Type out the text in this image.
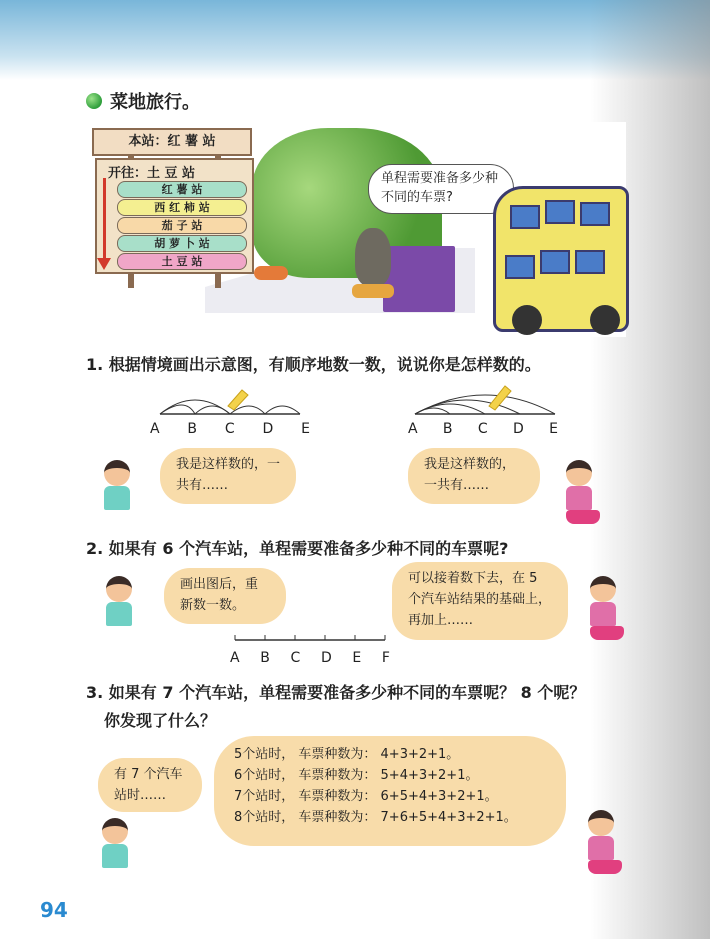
菜地旅行。
本站：红 薯 站
开往：土 豆 站
红 薯 站
西 红 柿 站
茄 子 站
胡 萝 卜 站
土 豆 站
单程需要准备多少种不同的车票?
1. 根据情境画出示意图，有顺序地数一数，说说你是怎样数的。
A B C D E	A B C D E
我是这样数的，一共有……
我是这样数的，一共有……
2. 如果有 6 个汽车站，单程需要准备多少种不同的车票呢?
画出图后，重新数一数。
可以接着数下去，在 5 个汽车站结果的基础上，再加上……
A B C D E F
3. 如果有 7 个汽车站，单程需要准备多少种不同的车票呢？ 8 个呢？
你发现了什么？
有 7 个汽车站时……
5个站时， 车票种数为： 4+3+2+1。
6个站时， 车票种数为： 5+4+3+2+1。
7个站时， 车票种数为： 6+5+4+3+2+1。
8个站时， 车票种数为： 7+6+5+4+3+2+1。
94
